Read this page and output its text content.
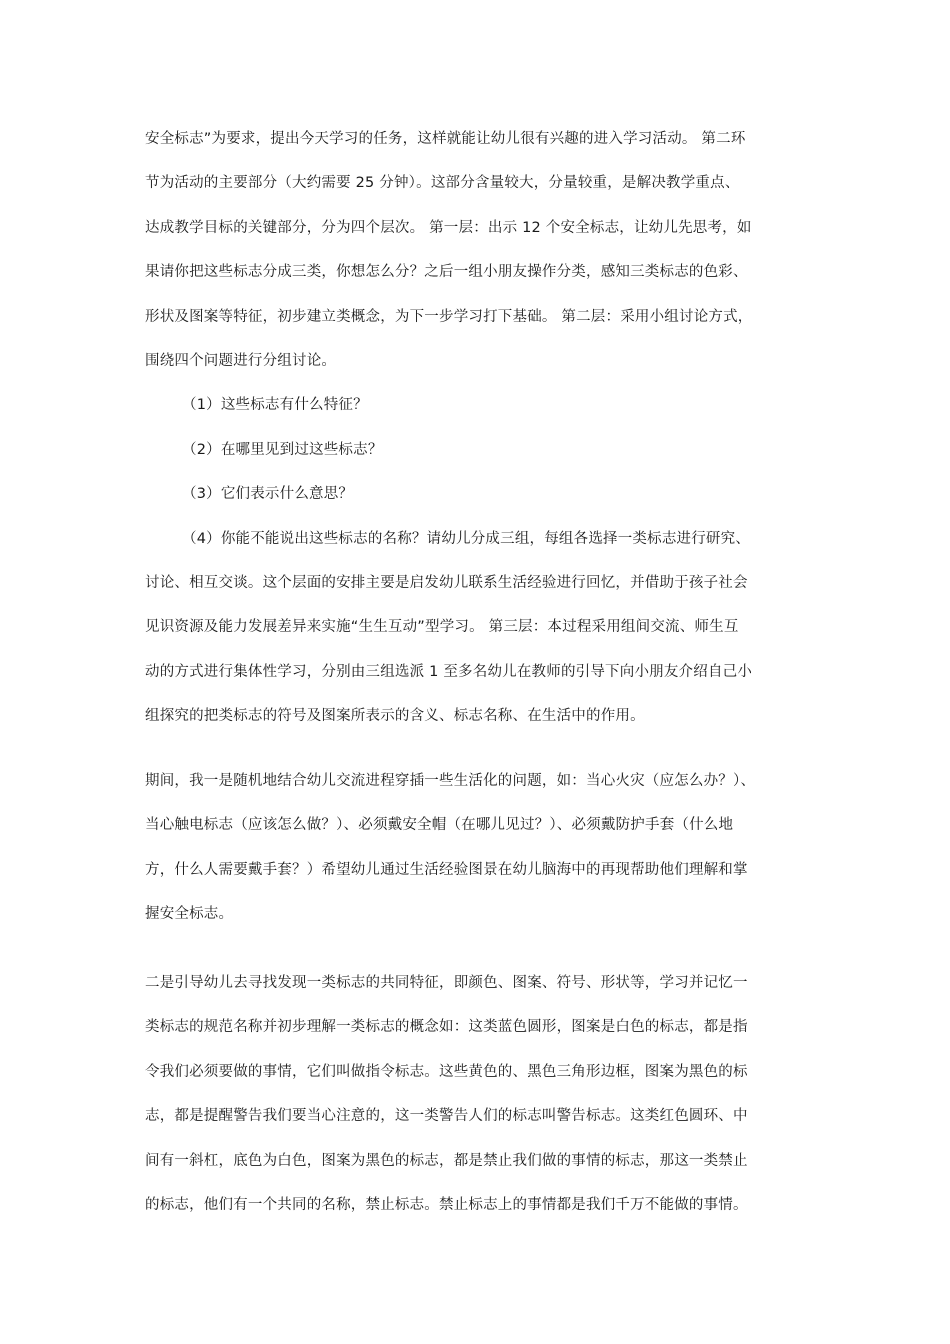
安全标志”为要求，提出今天学习的任务，这样就能让幼儿很有兴趣的进入学习活动。 第二环
节为活动的主要部分（大约需要 25 分钟）。这部分含量较大，分量较重，是解决教学重点、
达成教学目标的关键部分，分为四个层次。 第一层：出示 12 个安全标志，让幼儿先思考，如
果请你把这些标志分成三类，你想怎么分？之后一组小朋友操作分类，感知三类标志的色彩、
形状及图案等特征，初步建立类概念，为下一步学习打下基础。 第二层：采用小组讨论方式，
围绕四个问题进行分组讨论。
（1）这些标志有什么特征？
（2）在哪里见到过这些标志？
（3）它们表示什么意思？
（4）你能不能说出这些标志的名称？请幼儿分成三组，每组各选择一类标志进行研究、
讨论、相互交谈。这个层面的安排主要是启发幼儿联系生活经验进行回忆，并借助于孩子社会
见识资源及能力发展差异来实施“生生互动”型学习。 第三层：本过程采用组间交流、师生互
动的方式进行集体性学习，分别由三组选派 1 至多名幼儿在教师的引导下向小朋友介绍自己小
组探究的把类标志的符号及图案所表示的含义、标志名称、在生活中的作用。
期间，我一是随机地结合幼儿交流进程穿插一些生活化的问题，如：当心火灾（应怎么办？）、
当心触电标志（应该怎么做？）、必须戴安全帽（在哪儿见过？）、必须戴防护手套（什么地
方，什么人需要戴手套？）希望幼儿通过生活经验图景在幼儿脑海中的再现帮助他们理解和掌
握安全标志。
二是引导幼儿去寻找发现一类标志的共同特征，即颜色、图案、符号、形状等，学习并记忆一
类标志的规范名称并初步理解一类标志的概念如：这类蓝色圆形，图案是白色的标志，都是指
令我们必须要做的事情，它们叫做指令标志。这些黄色的、黑色三角形边框，图案为黑色的标
志，都是提醒警告我们要当心注意的，这一类警告人们的标志叫警告标志。这类红色圆环、中
间有一斜杠，底色为白色，图案为黑色的标志，都是禁止我们做的事情的标志，那这一类禁止
的标志，他们有一个共同的名称，禁止标志。禁止标志上的事情都是我们千万不能做的事情。
